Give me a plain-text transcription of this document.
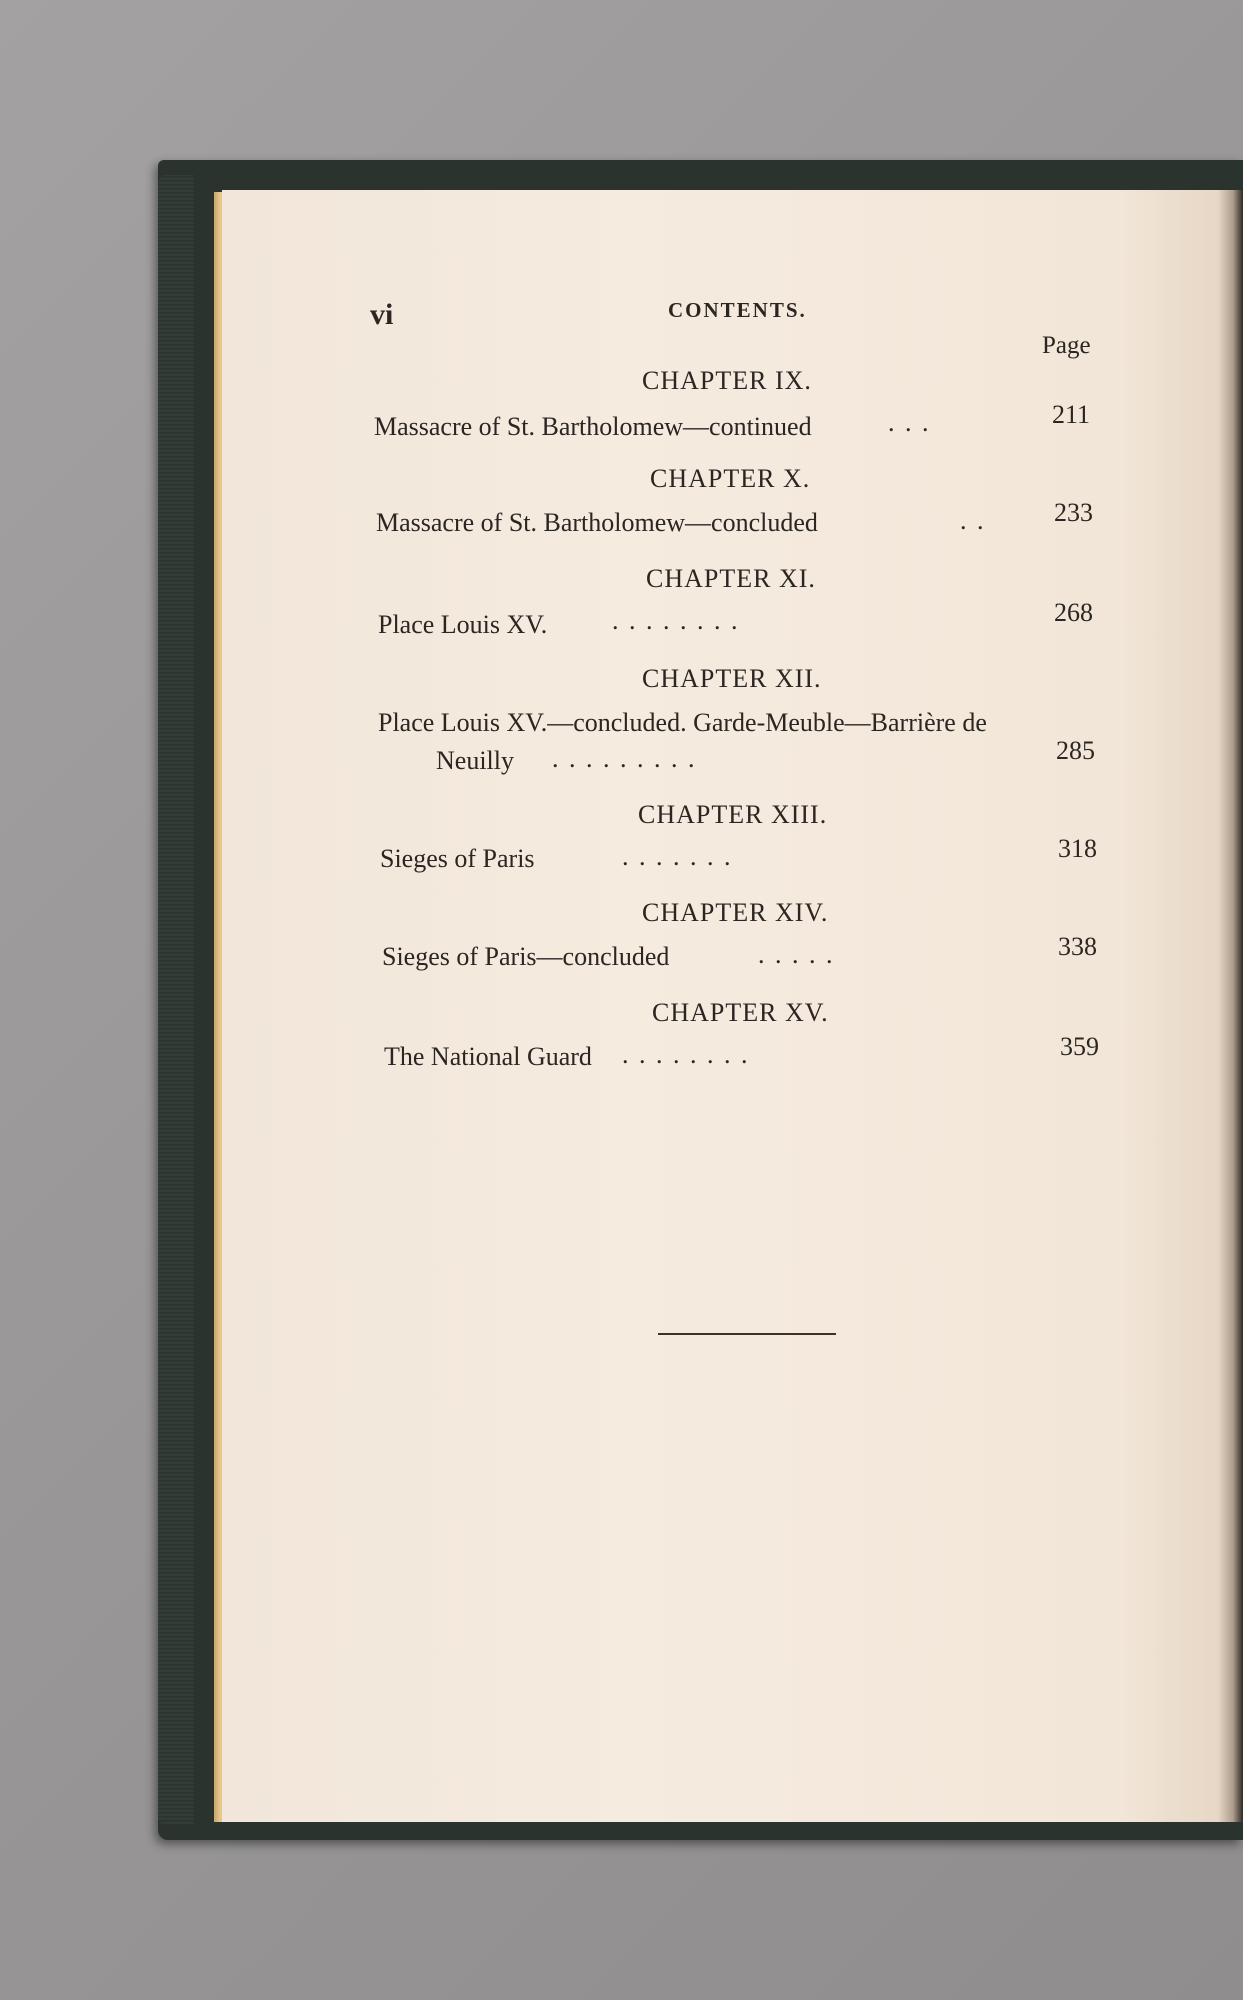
vi	CONTENTS.
Page
CHAPTER IX.
Massacre of St. Bartholomew—continued	. . .	211
CHAPTER X.
Massacre of St. Bartholomew—concluded	. .	233
CHAPTER XI.
Place Louis XV. . . . . . . . .	268
CHAPTER XII.
Place Louis XV.—concluded. Garde-Meuble—Barrière de
Neuilly . . . . . . . . .	285
CHAPTER XIII.
Sieges of Paris	. . . . . . .	318
CHAPTER XIV.
Sieges of Paris—concluded	. . . . .	338
CHAPTER XV.
The National Guard . . . . . . . .	359
